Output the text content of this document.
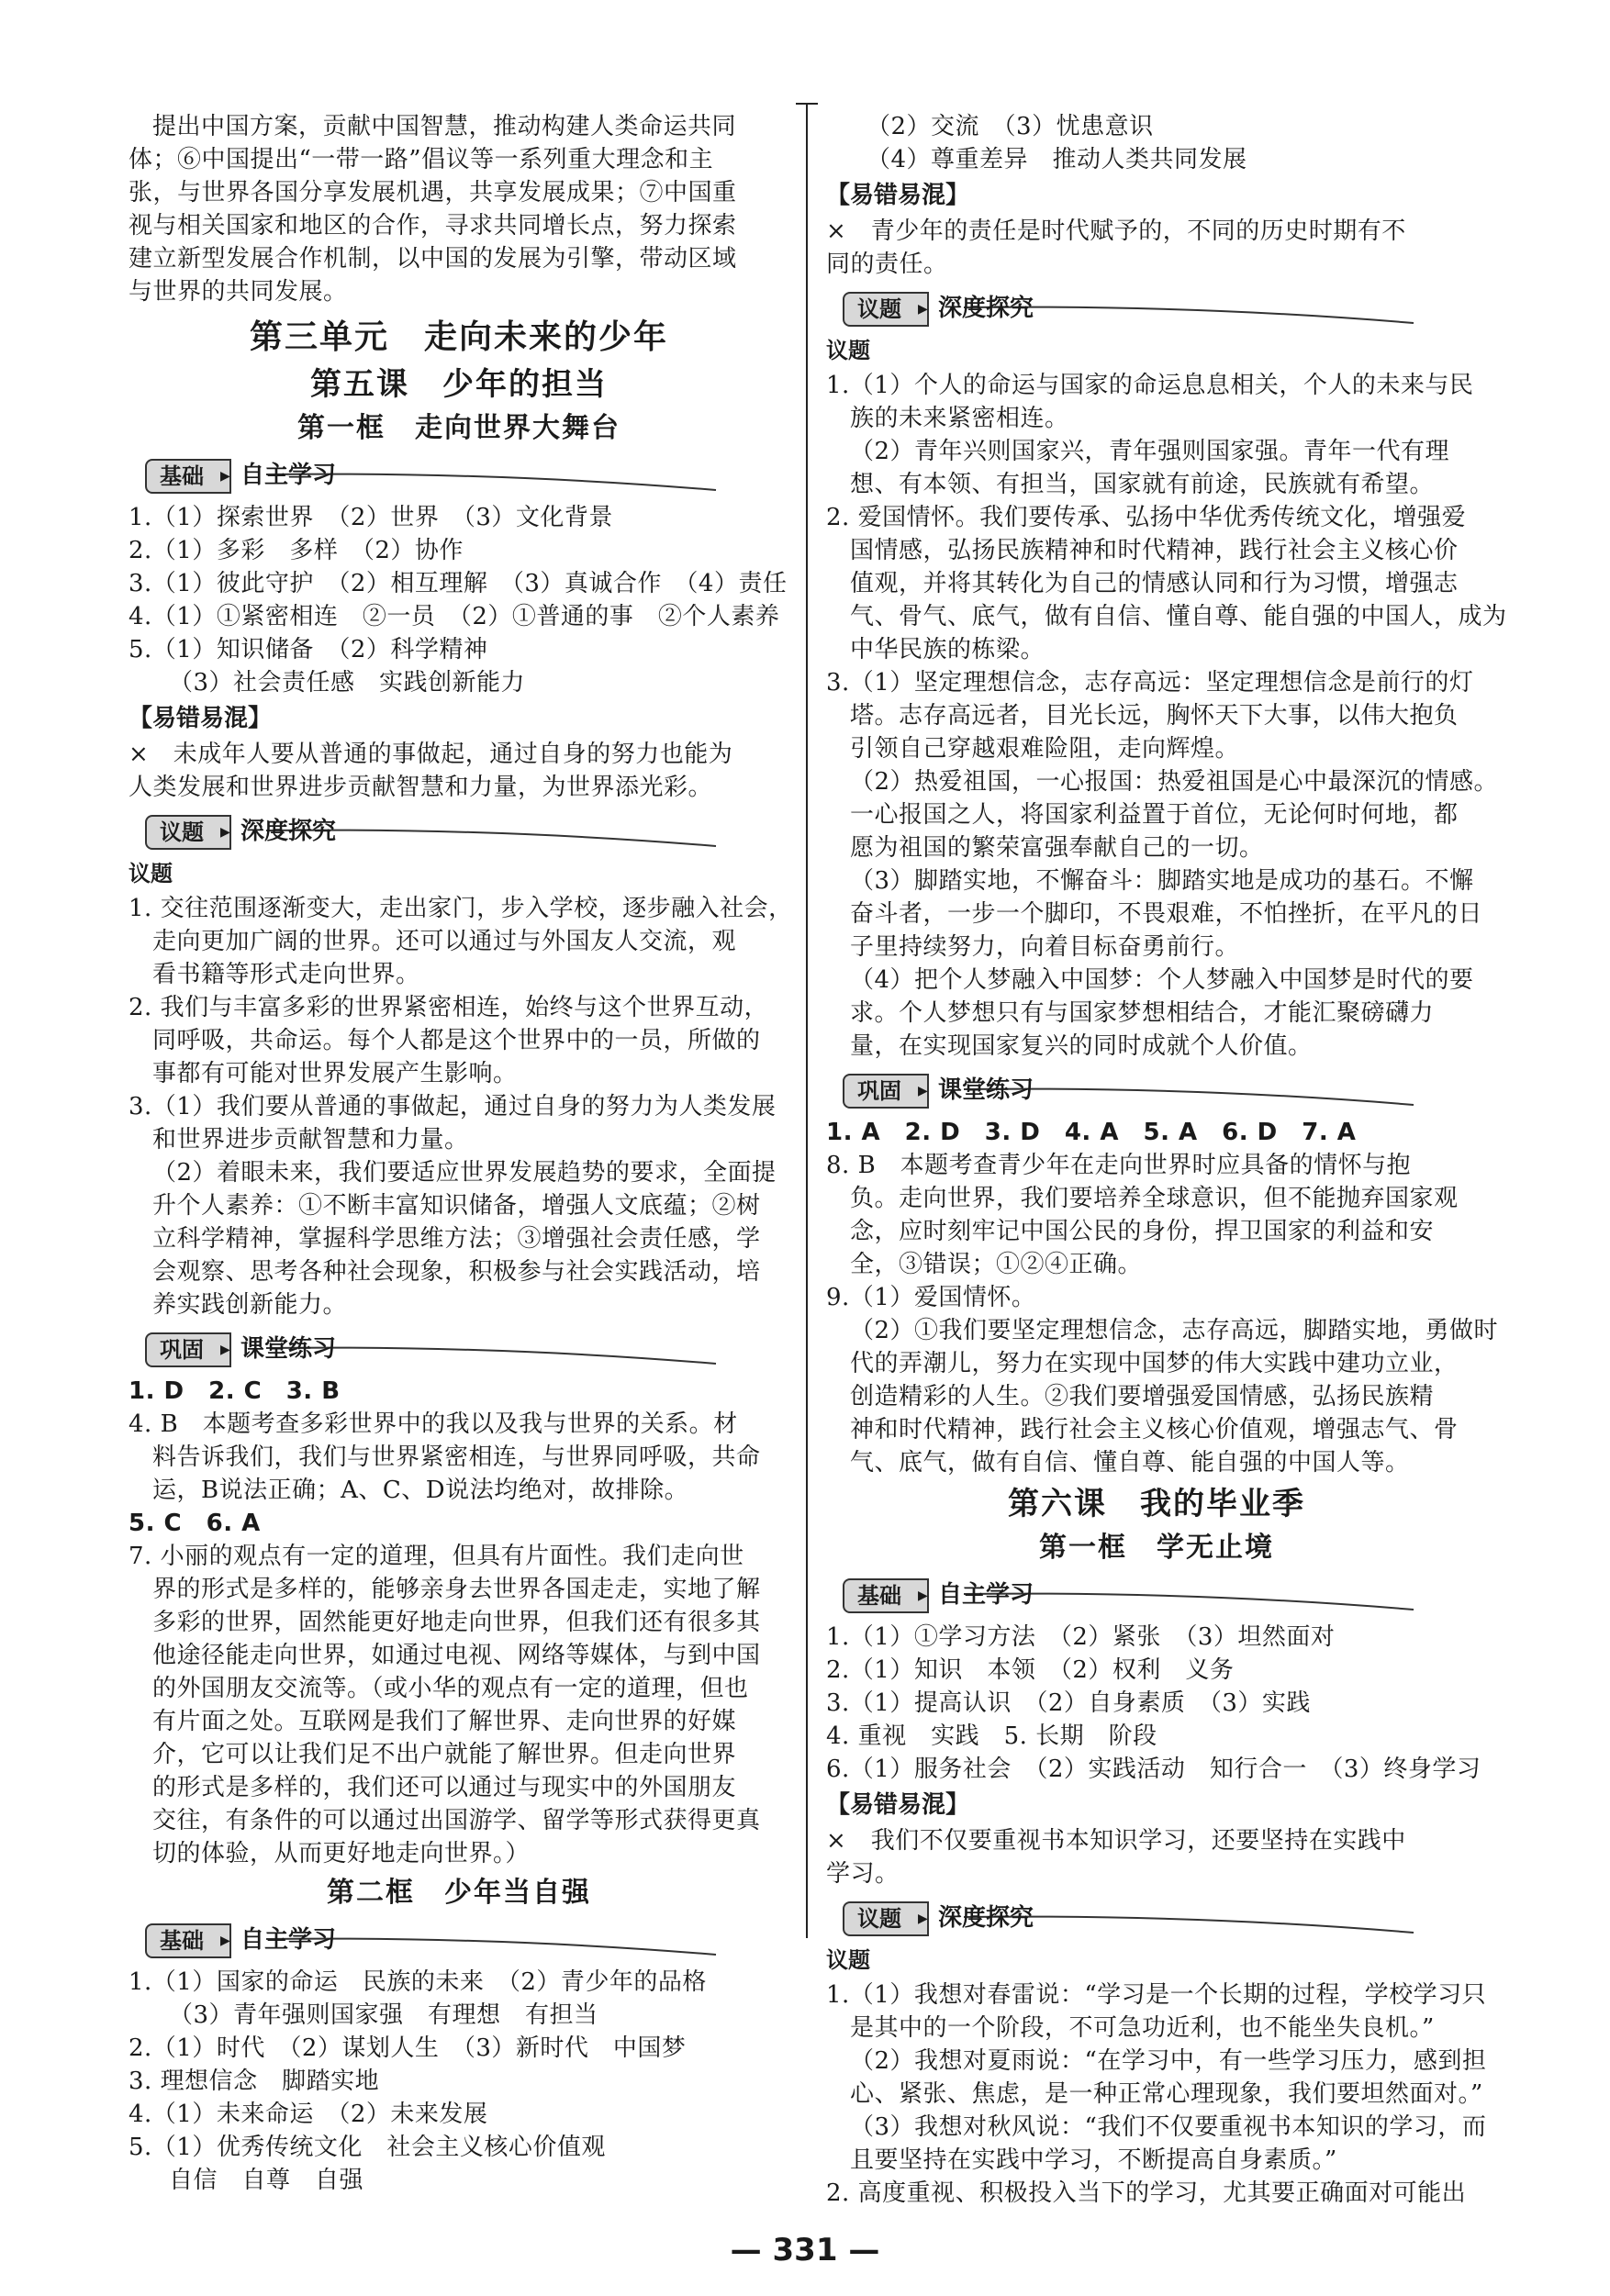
提出中国方案，贡献中国智慧，推动构建人类命运共同
体；⑥中国提出“一带一路”倡议等一系列重大理念和主
张，与世界各国分享发展机遇，共享发展成果；⑦中国重
视与相关国家和地区的合作，寻求共同增长点，努力探索
建立新型发展合作机制，以中国的发展为引擎，带动区域
与世界的共同发展。
第三单元　走向未来的少年
第五课　少年的担当
第一框　走向世界大舞台
基础	▶ 自主学习
1.（1）探索世界　（2）世界　（3）文化背景
2.（1）多彩　多样　（2）协作
3.（1）彼此守护　（2）相互理解　（3）真诚合作　（4）责任
4.（1）①紧密相连　②一员　（2）①普通的事　②个人素养
5.（1）知识储备　（2）科学精神
（3）社会责任感　实践创新能力
【易错易混】
×　未成年人要从普通的事做起，通过自身的努力也能为
人类发展和世界进步贡献智慧和力量，为世界添光彩。
议题	▶ 深度探究
议题
1. 交往范围逐渐变大，走出家门，步入学校，逐步融入社会，
走向更加广阔的世界。还可以通过与外国友人交流，观
看书籍等形式走向世界。
2. 我们与丰富多彩的世界紧密相连，始终与这个世界互动，
同呼吸，共命运。每个人都是这个世界中的一员，所做的
事都有可能对世界发展产生影响。
3.（1）我们要从普通的事做起，通过自身的努力为人类发展
和世界进步贡献智慧和力量。
（2）着眼未来，我们要适应世界发展趋势的要求，全面提
升个人素养：①不断丰富知识储备，增强人文底蕴；②树
立科学精神，掌握科学思维方法；③增强社会责任感，学
会观察、思考各种社会现象，积极参与社会实践活动，培
养实践创新能力。
巩固	▶ 课堂练习
1. D　2. C　3. B
4. B　本题考查多彩世界中的我以及我与世界的关系。材
料告诉我们，我们与世界紧密相连，与世界同呼吸，共命
运，B说法正确；A、C、D说法均绝对，故排除。
5. C　6. A
7. 小丽的观点有一定的道理，但具有片面性。我们走向世
界的形式是多样的，能够亲身去世界各国走走，实地了解
多彩的世界，固然能更好地走向世界，但我们还有很多其
他途径能走向世界，如通过电视、网络等媒体，与到中国
的外国朋友交流等。（或小华的观点有一定的道理，但也
有片面之处。互联网是我们了解世界、走向世界的好媒
介，它可以让我们足不出户就能了解世界。但走向世界
的形式是多样的，我们还可以通过与现实中的外国朋友
交往，有条件的可以通过出国游学、留学等形式获得更真
切的体验，从而更好地走向世界。）
第二框　少年当自强
基础	▶ 自主学习
1.（1）国家的命运　民族的未来　（2）青少年的品格
（3）青年强则国家强　有理想　有担当
2.（1）时代　（2）谋划人生　（3）新时代　中国梦
3. 理想信念　脚踏实地
4.（1）未来命运　（2）未来发展
5.（1）优秀传统文化　社会主义核心价值观
自信　自尊　自强
（2）交流　（3）忧患意识
（4）尊重差异　推动人类共同发展
【易错易混】
×　青少年的责任是时代赋予的，不同的历史时期有不
同的责任。
议题	▶ 深度探究
议题
1.（1）个人的命运与国家的命运息息相关，个人的未来与民
族的未来紧密相连。
（2）青年兴则国家兴，青年强则国家强。青年一代有理
想、有本领、有担当，国家就有前途，民族就有希望。
2. 爱国情怀。我们要传承、弘扬中华优秀传统文化，增强爱
国情感，弘扬民族精神和时代精神，践行社会主义核心价
值观，并将其转化为自己的情感认同和行为习惯，增强志
气、骨气、底气，做有自信、懂自尊、能自强的中国人，成为
中华民族的栋梁。
3.（1）坚定理想信念，志存高远：坚定理想信念是前行的灯
塔。志存高远者，目光长远，胸怀天下大事，以伟大抱负
引领自己穿越艰难险阻，走向辉煌。
（2）热爱祖国，一心报国：热爱祖国是心中最深沉的情感。
一心报国之人，将国家利益置于首位，无论何时何地，都
愿为祖国的繁荣富强奉献自己的一切。
（3）脚踏实地，不懈奋斗：脚踏实地是成功的基石。不懈
奋斗者，一步一个脚印，不畏艰难，不怕挫折，在平凡的日
子里持续努力，向着目标奋勇前行。
（4）把个人梦融入中国梦：个人梦融入中国梦是时代的要
求。个人梦想只有与国家梦想相结合，才能汇聚磅礴力
量，在实现国家复兴的同时成就个人价值。
巩固	▶ 课堂练习
1. A　2. D　3. D　4. A　5. A　6. D　7. A
8. B　本题考查青少年在走向世界时应具备的情怀与抱
负。走向世界，我们要培养全球意识，但不能抛弃国家观
念，应时刻牢记中国公民的身份，捍卫国家的利益和安
全，③错误；①②④正确。
9.（1）爱国情怀。
（2）①我们要坚定理想信念，志存高远，脚踏实地，勇做时
代的弄潮儿，努力在实现中国梦的伟大实践中建功立业，
创造精彩的人生。②我们要增强爱国情感，弘扬民族精
神和时代精神，践行社会主义核心价值观，增强志气、骨
气、底气，做有自信、懂自尊、能自强的中国人等。
第六课　我的毕业季
第一框　学无止境
基础	▶ 自主学习
1.（1）①学习方法　（2）紧张　（3）坦然面对
2.（1）知识　本领　（2）权利　义务
3.（1）提高认识　（2）自身素质　（3）实践
4. 重视　实践　5. 长期　阶段
6.（1）服务社会　（2）实践活动　知行合一　（3）终身学习
【易错易混】
×　我们不仅要重视书本知识学习，还要坚持在实践中
学习。
议题	▶ 深度探究
议题
1.（1）我想对春雷说：“学习是一个长期的过程，学校学习只
是其中的一个阶段，不可急功近利，也不能坐失良机。”
（2）我想对夏雨说：“在学习中，有一些学习压力，感到担
心、紧张、焦虑，是一种正常心理现象，我们要坦然面对。”
（3）我想对秋风说：“我们不仅要重视书本知识的学习，而
且要坚持在实践中学习，不断提高自身素质。”
2. 高度重视、积极投入当下的学习，尤其要正确面对可能出
— 331 —
